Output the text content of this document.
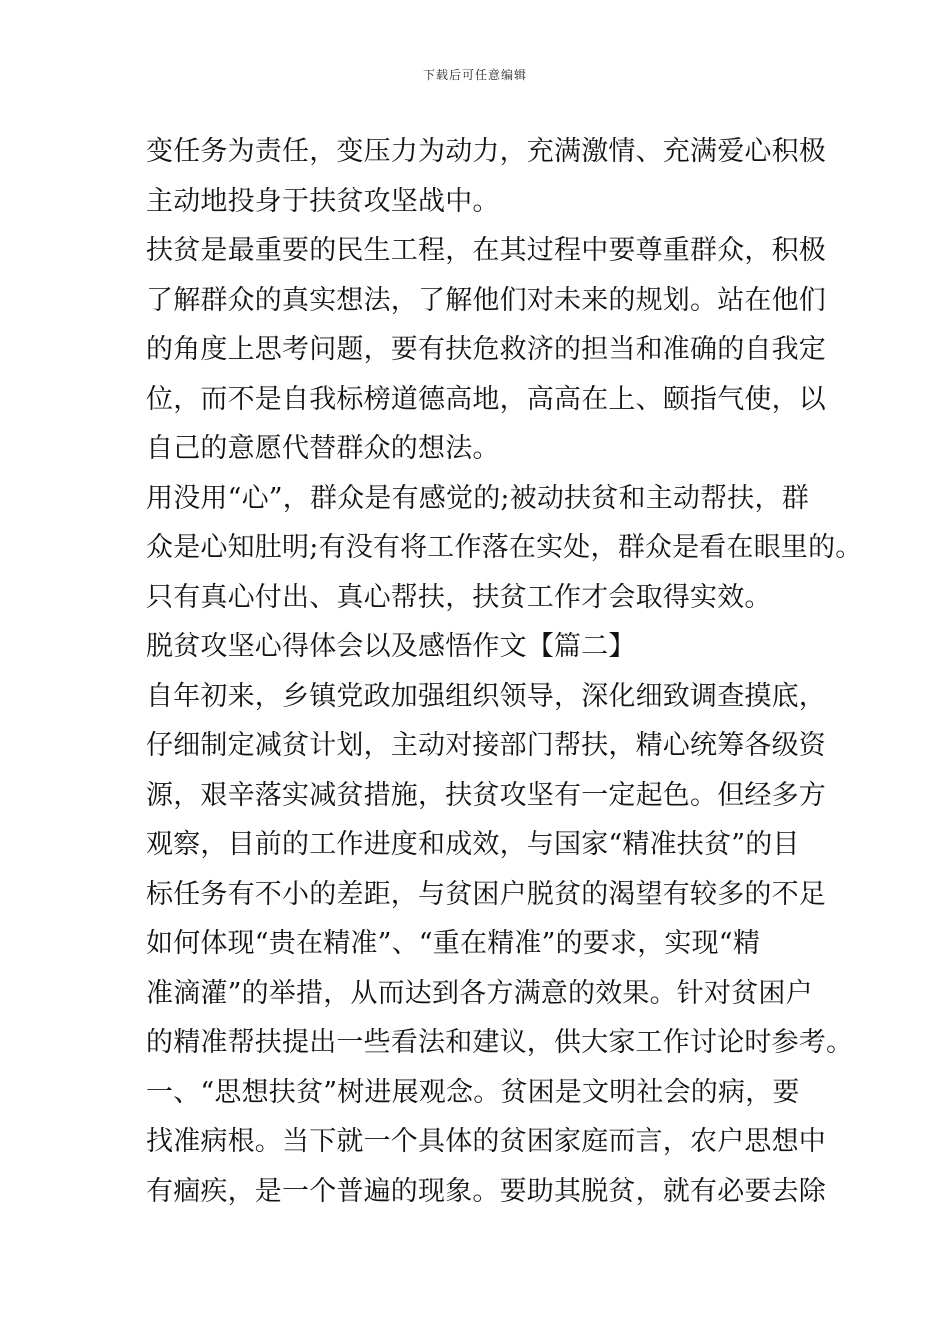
下载后可任意编辑
变任务为责任，变压力为动力，充满激情、充满爱心积极
主动地投身于扶贫攻坚战中。
扶贫是最重要的民生工程，在其过程中要尊重群众，积极
了解群众的真实想法，了解他们对未来的规划。站在他们
的角度上思考问题，要有扶危救济的担当和准确的自我定
位，而不是自我标榜道德高地，高高在上、颐指气使，以
自己的意愿代替群众的想法。
用没用“心”，群众是有感觉的;被动扶贫和主动帮扶，群
众是心知肚明;有没有将工作落在实处，群众是看在眼里的。
只有真心付出、真心帮扶，扶贫工作才会取得实效。
脱贫攻坚心得体会以及感悟作文【篇二】
自年初来，乡镇党政加强组织领导，深化细致调查摸底，
仔细制定减贫计划，主动对接部门帮扶，精心统筹各级资
源，艰辛落实减贫措施，扶贫攻坚有一定起色。但经多方
观察，目前的工作进度和成效，与国家“精准扶贫”的目
标任务有不小的差距，与贫困户脱贫的渴望有较多的不足
如何体现“贵在精准”、“重在精准”的要求，实现“精
准滴灌”的举措，从而达到各方满意的效果。针对贫困户
的精准帮扶提出一些看法和建议，供大家工作讨论时参考。
一、“思想扶贫”树进展观念。贫困是文明社会的病，要
找准病根。当下就一个具体的贫困家庭而言，农户思想中
有痼疾，是一个普遍的现象。要助其脱贫，就有必要去除
